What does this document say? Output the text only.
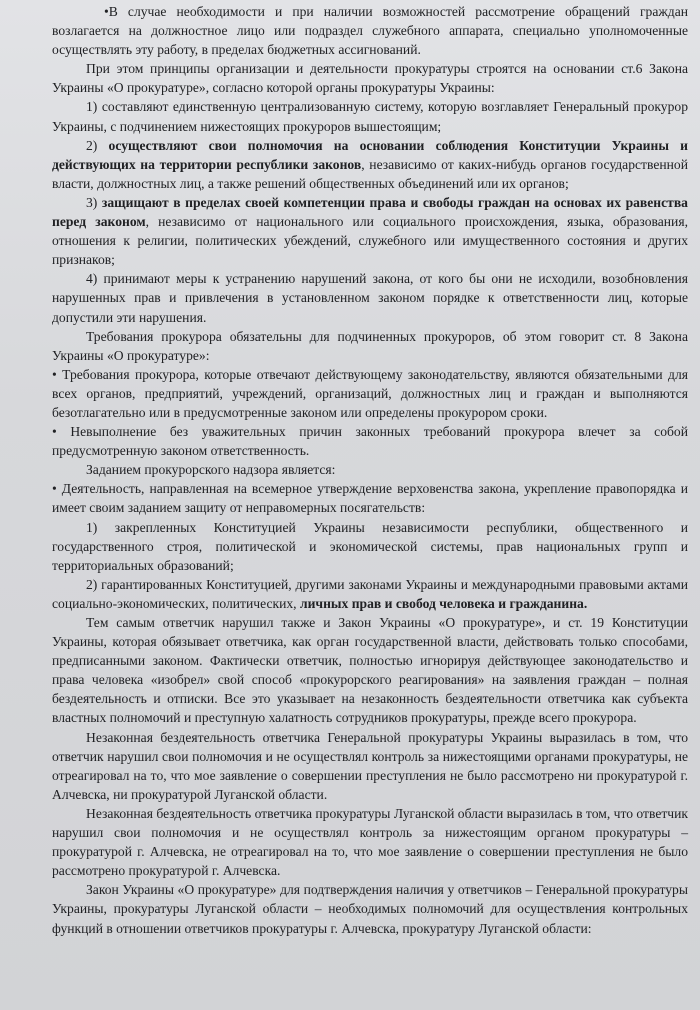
•В случае необходимости и при наличии возможностей рассмотрение обращений граждан возлагается на должностное лицо или подраздел служебного аппарата, специально уполномоченные осуществлять эту работу, в пределах бюджетных ассигнований.

При этом принципы организации и деятельности прокуратуры строятся на основании ст.6 Закона Украины «О прокуратуре», согласно которой органы прокуратуры Украины:

1) составляют единственную централизованную систему, которую возглавляет Генеральный прокурор Украины, с подчинением нижестоящих прокуроров вышестоящим;

2) осуществляют свои полномочия на основании соблюдения Конституции Украины и действующих на территории республики законов, независимо от каких-нибудь органов государственной власти, должностных лиц, а также решений общественных объединений или их органов;

3) защищают в пределах своей компетенции права и свободы граждан на основах их равенства перед законом, независимо от национального или социального происхождения, языка, образования, отношения к религии, политических убеждений, служебного или имущественного состояния и других признаков;

4) принимают меры к устранению нарушений закона, от кого бы они не исходили, возобновления нарушенных прав и привлечения в установленном законом порядке к ответственности лиц, которые допустили эти нарушения.

Требования прокурора обязательны для подчиненных прокуроров, об этом говорит ст. 8 Закона Украины «О прокуратуре»:

• Требования прокурора, которые отвечают действующему законодательству, являются обязательными для всех органов, предприятий, учреждений, организаций, должностных лиц и граждан и выполняются безотлагательно или в предусмотренные законом или определены прокурором сроки.

• Невыполнение без уважительных причин законных требований прокурора влечет за собой предусмотренную законом ответственность.

Заданием прокурорского надзора является:

• Деятельность, направленная на всемерное утверждение верховенства закона, укрепление правопорядка и имеет своим заданием защиту от неправомерных посягательств:

1) закрепленных Конституцией Украины независимости республики, общественного и государственного строя, политической и экономической системы, прав национальных групп и территориальных образований;

2) гарантированных Конституцией, другими законами Украины и международными правовыми актами социально-экономических, политических, личных прав и свобод человека и гражданина.

Тем самым ответчик нарушил также и Закон Украины «О прокуратуре», и ст. 19 Конституции Украины, которая обязывает ответчика, как орган государственной власти, действовать только способами, предписанными законом. Фактически ответчик, полностью игнорируя действующее законодательство и права человека «изобрел» свой способ «прокурорского реагирования» на заявления граждан – полная бездеятельность и отписки. Все это указывает на незаконность бездеятельности ответчика как субъекта властных полномочий и преступную халатность сотрудников прокуратуры, прежде всего прокурора.

Незаконная бездеятельность ответчика Генеральной прокуратуры Украины выразилась в том, что ответчик нарушил свои полномочия и не осуществлял контроль за нижестоящими органами прокуратуры, не отреагировал на то, что мое заявление о совершении преступления не было рассмотрено ни прокуратурой г. Алчевска, ни прокуратурой Луганской области.

Незаконная бездеятельность ответчика прокуратуры Луганской области выразилась в том, что ответчик нарушил свои полномочия и не осуществлял контроль за нижестоящим органом прокуратуры – прокуратурой г. Алчевска, не отреагировал на то, что мое заявление о совершении преступления не было рассмотрено прокуратурой г. Алчевска.

Закон Украины «О прокуратуре» для подтверждения наличия у ответчиков – Генеральной прокуратуры Украины, прокуратуры Луганской области – необходимых полномочий для осуществления контрольных функций в отношении ответчиков прокуратуры г. Алчевска, прокуратуру Луганской области:
